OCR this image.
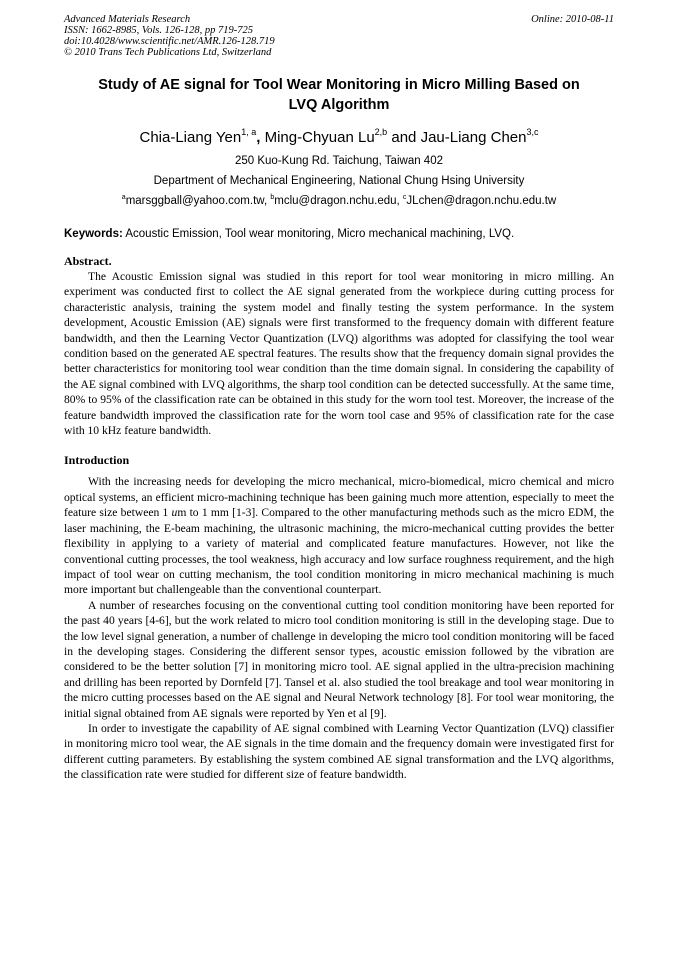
Advanced Materials Research	Online: 2010-08-11
ISSN: 1662-8985, Vols. 126-128, pp 719-725
doi:10.4028/www.scientific.net/AMR.126-128.719
© 2010 Trans Tech Publications Ltd, Switzerland
Study of AE signal for Tool Wear Monitoring in Micro Milling Based on
LVQ Algorithm
Chia-Liang Yen$^{1, a}$, Ming-Chyuan Lu$^{2,b}$ and Jau-Liang Chen$^{3,c}$
250 Kuo-Kung Rd. Taichung, Taiwan 402
Department of Mechanical Engineering, National Chung Hsing University
$^a$marsggball@yahoo.com.tw, $^b$mclu@dragon.nchu.edu, $^c$JLchen@dragon.nchu.edu.tw
Keywords: Acoustic Emission, Tool wear monitoring, Micro mechanical machining, LVQ.
Abstract.

The Acoustic Emission signal was studied in this report for tool wear monitoring in micro milling. An experiment was conducted first to collect the AE signal generated from the workpiece during cutting process for characteristic analysis, training the system model and finally testing the system performance. In the system development, Acoustic Emission (AE) signals were first transformed to the frequency domain with different feature bandwidth, and then the Learning Vector Quantization (LVQ) algorithms was adopted for classifying the tool wear condition based on the generated AE spectral features. The results show that the frequency domain signal provides the better characteristics for monitoring tool wear condition than the time domain signal. In considering the capability of the AE signal combined with LVQ algorithms, the sharp tool condition can be detected successfully. At the same time, 80% to 95% of the classification rate can be obtained in this study for the worn tool test. Moreover, the increase of the feature bandwidth improved the classification rate for the worn tool case and 95% of classification rate for the case with 10 kHz feature bandwidth.

Introduction

With the increasing needs for developing the micro mechanical, micro-biomedical, micro chemical and micro optical systems, an efficient micro-machining technique has been gaining much more attention, especially to meet the feature size between 1 um to 1 mm [1-3]. Compared to the other manufacturing methods such as the micro EDM, the laser machining, the E-beam machining, the ultrasonic machining, the micro-mechanical cutting provides the better flexibility in applying to a variety of material and complicated feature manufactures. However, not like the conventional cutting processes, the tool weakness, high accuracy and low surface roughness requirement, and the high impact of tool wear on cutting mechanism, the tool condition monitoring in micro mechanical machining is much more important but challengeable than the conventional counterpart.

A number of researches focusing on the conventional cutting tool condition monitoring have been reported for the past 40 years [4-6], but the work related to micro tool condition monitoring is still in the developing stage. Due to the low level signal generation, a number of challenge in developing the micro tool condition monitoring will be faced in the developing stages. Considering the different sensor types, acoustic emission followed by the vibration are considered to be the better solution [7] in monitoring micro tool. AE signal applied in the ultra-precision machining and drilling has been reported by Dornfeld [7]. Tansel et al. also studied the tool breakage and tool wear monitoring in the micro cutting processes based on the AE signal and Neural Network technology [8]. For tool wear monitoring, the initial signal obtained from AE signals were reported by Yen et al [9].

In order to investigate the capability of AE signal combined with Learning Vector Quantization (LVQ) classifier in monitoring micro tool wear, the AE signals in the time domain and the frequency domain were investigated first for different cutting parameters. By establishing the system combined AE signal transformation and the LVQ algorithms, the classification rate were studied for different size of feature bandwidth.
